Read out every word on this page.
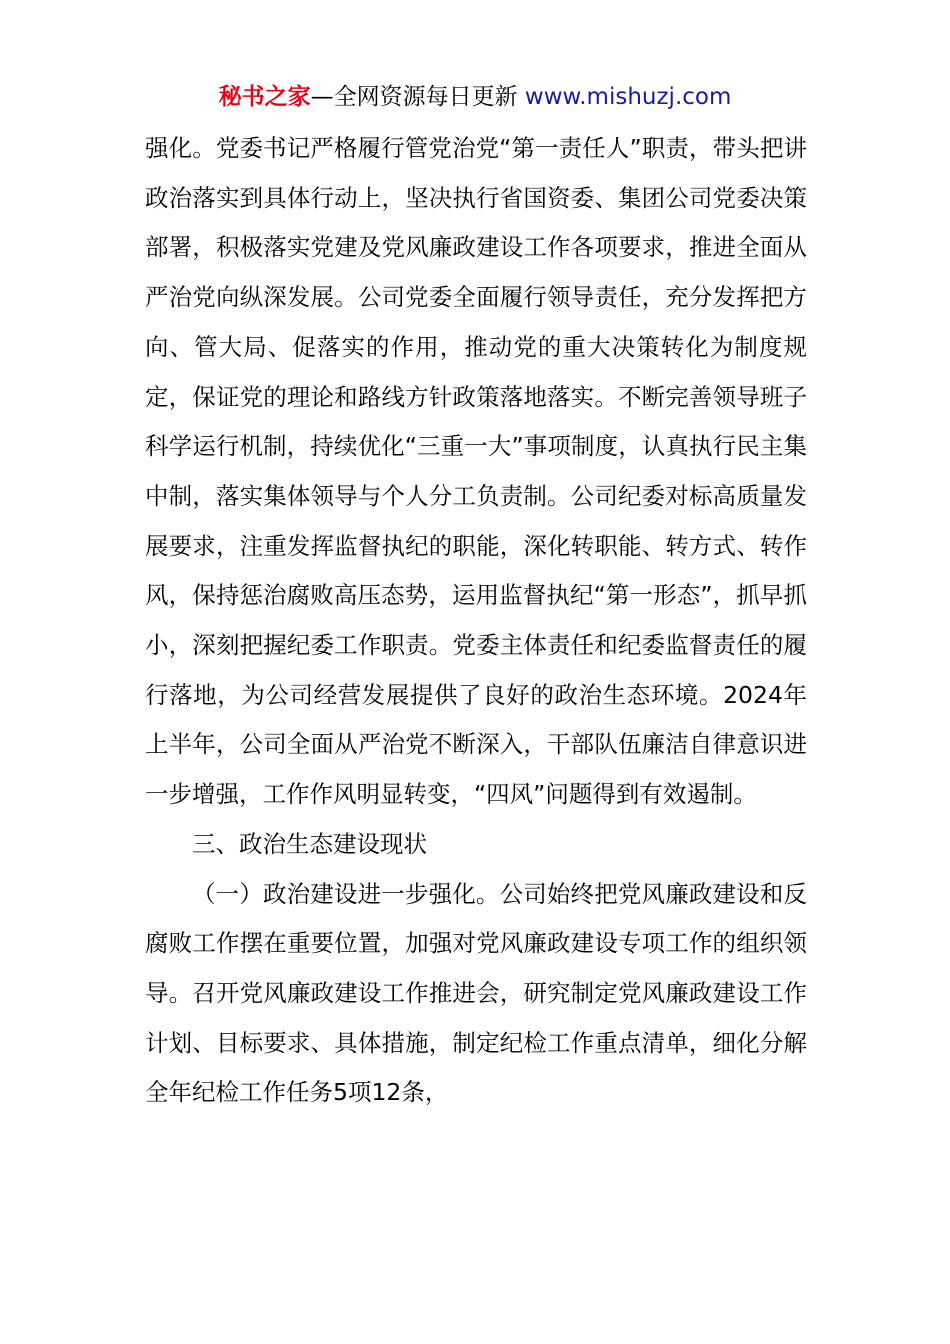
秘书之家—全网资源每日更新 www.mishuzj.com

强化。党委书记严格履行管党治党“第一责任人”职责，带头把讲政治落实到具体行动上，坚决执行省国资委、集团公司党委决策部署，积极落实党建及党风廉政建设工作各项要求，推进全面从严治党向纵深发展。公司党委全面履行领导责任，充分发挥把方向、管大局、促落实的作用，推动党的重大决策转化为制度规定，保证党的理论和路线方针政策落地落实。不断完善领导班子科学运行机制，持续优化“三重一大”事项制度，认真执行民主集中制，落实集体领导与个人分工负责制。公司纪委对标高质量发展要求，注重发挥监督执纪的职能，深化转职能、转方式、转作风，保持惩治腐败高压态势，运用监督执纪“第一形态”，抓早抓小，深刻把握纪委工作职责。党委主体责任和纪委监督责任的履行落地，为公司经营发展提供了良好的政治生态环境。2024年上半年，公司全面从严治党不断深入，干部队伍廉洁自律意识进一步增强，工作作风明显转变，“四风”问题得到有效遏制。

三、政治生态建设现状

（一）政治建设进一步强化。公司始终把党风廉政建设和反腐败工作摆在重要位置，加强对党风廉政建设专项工作的组织领导。召开党风廉政建设工作推进会，研究制定党风廉政建设工作计划、目标要求、具体措施，制定纪检工作重点清单，细化分解全年纪检工作任务5项12条，
